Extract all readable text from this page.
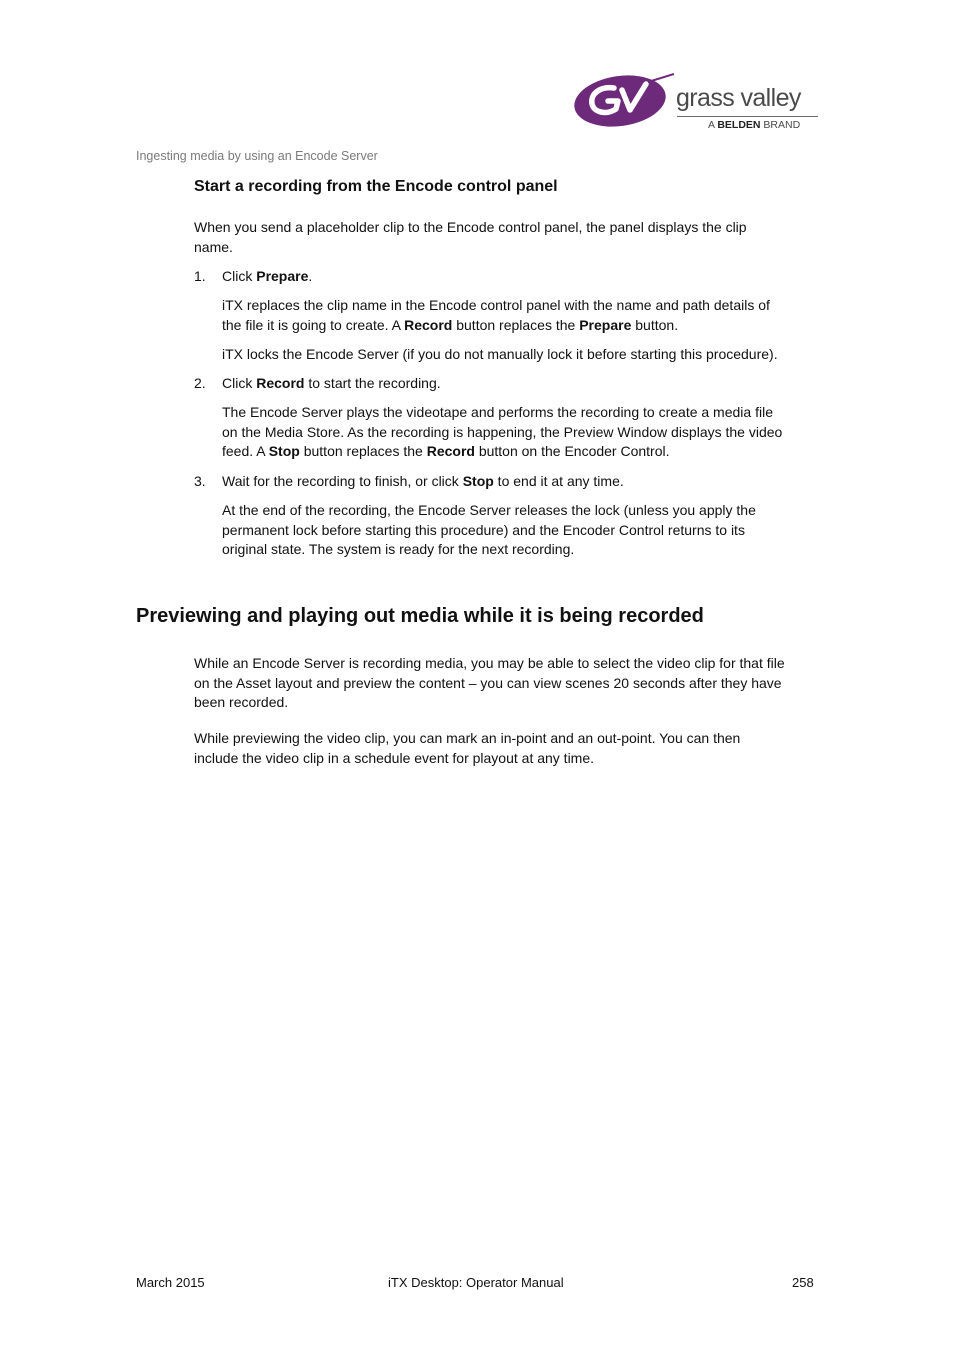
grass valley
A BELDEN BRAND
Ingesting media by using an Encode Server
Start a recording from the Encode control panel
When you send a placeholder clip to the Encode control panel, the panel displays the clip
name.
1. Click Prepare.
iTX replaces the clip name in the Encode control panel with the name and path details of
the file it is going to create. A Record button replaces the Prepare button.
iTX locks the Encode Server (if you do not manually lock it before starting this procedure).
2. Click Record to start the recording.
The Encode Server plays the videotape and performs the recording to create a media file
on the Media Store. As the recording is happening, the Preview Window displays the video
feed. A Stop button replaces the Record button on the Encoder Control.
3. Wait for the recording to finish, or click Stop to end it at any time.
At the end of the recording, the Encode Server releases the lock (unless you apply the
permanent lock before starting this procedure) and the Encoder Control returns to its
original state. The system is ready for the next recording.
Previewing and playing out media while it is being recorded
While an Encode Server is recording media, you may be able to select the video clip for that file
on the Asset layout and preview the content – you can view scenes 20 seconds after they have
been recorded.
While previewing the video clip, you can mark an in-point and an out-point. You can then
include the video clip in a schedule event for playout at any time.
March 2015	iTX Desktop: Operator Manual	258
